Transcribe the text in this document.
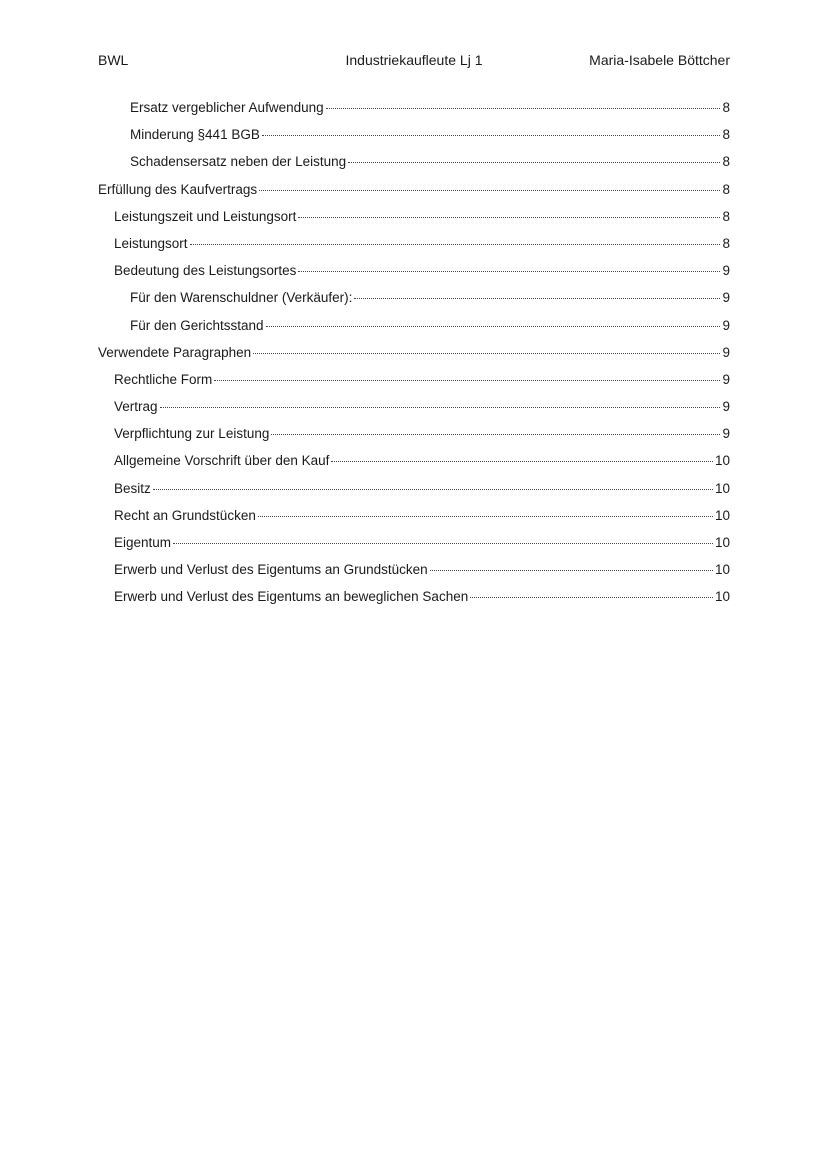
BWL	Industriekaufleute Lj 1	Maria-Isabele Böttcher
Ersatz vergeblicher Aufwendung	8
Minderung §441 BGB	8
Schadensersatz neben der Leistung	8
Erfüllung des Kaufvertrags	8
Leistungszeit und Leistungsort	8
Leistungsort	8
Bedeutung des Leistungsortes	9
Für den Warenschuldner (Verkäufer):	9
Für den Gerichtsstand	9
Verwendete Paragraphen	9
Rechtliche Form	9
Vertrag	9
Verpflichtung zur Leistung	9
Allgemeine Vorschrift über den Kauf	10
Besitz	10
Recht an Grundstücken	10
Eigentum	10
Erwerb und Verlust des Eigentums an Grundstücken	10
Erwerb und Verlust des Eigentums an beweglichen Sachen	10
